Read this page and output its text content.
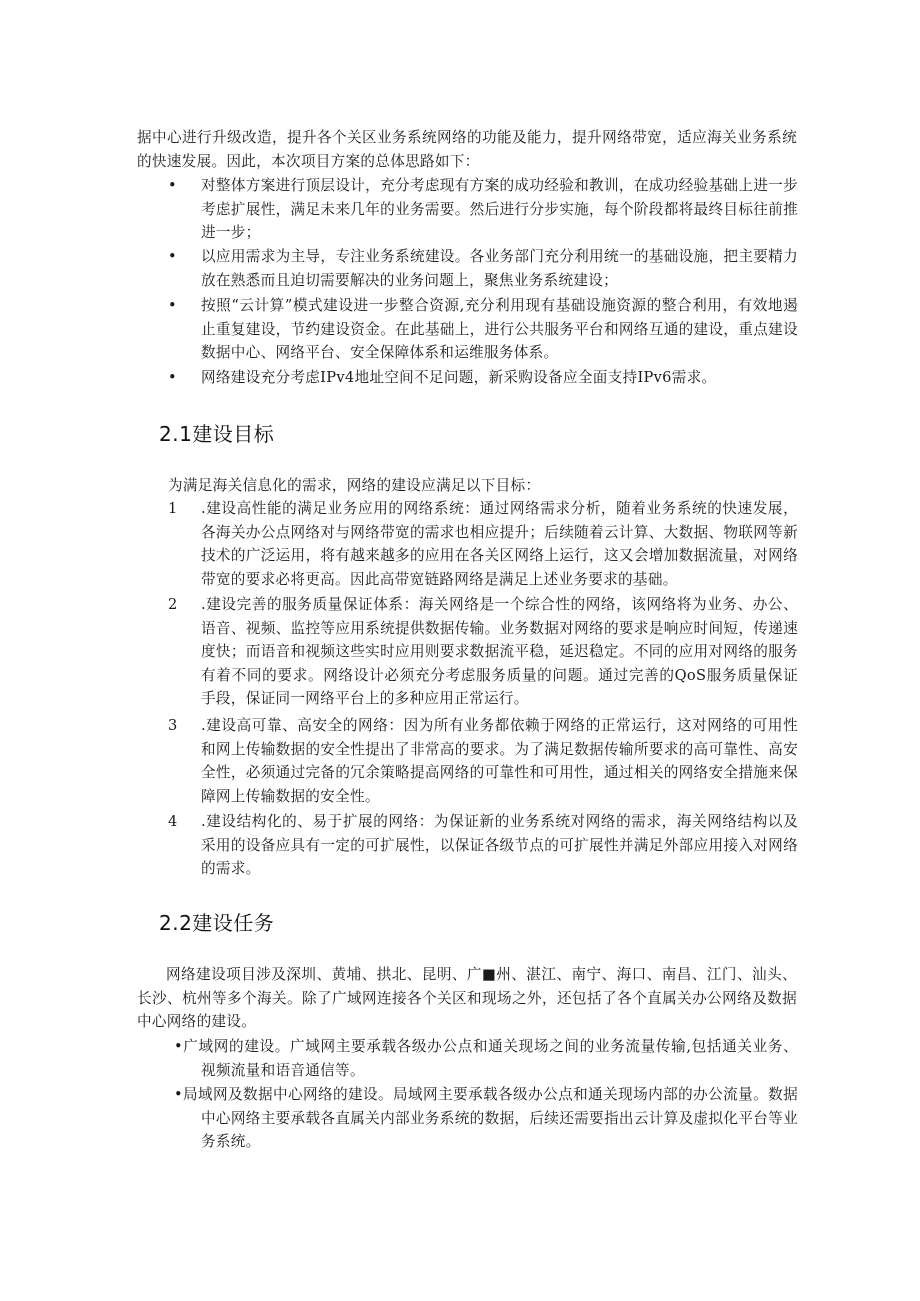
据中心进行升级改造，提升各个关区业务系统网络的功能及能力，提升网络带宽，适应海关业务系统的快速发展。因此，本次项目方案的总体思路如下：

• 对整体方案进行顶层设计，充分考虑现有方案的成功经验和教训，在成功经验基础上进一步考虑扩展性，满足未来几年的业务需要。然后进行分步实施，每个阶段都将最终目标往前推进一步；
• 以应用需求为主导，专注业务系统建设。各业务部门充分利用统一的基础设施，把主要精力放在熟悉而且迫切需要解决的业务问题上，聚焦业务系统建设；
• 按照“云计算”模式建设进一步整合资源,充分利用现有基础设施资源的整合利用，有效地遏止重复建设，节约建设资金。在此基础上，进行公共服务平台和网络互通的建设，重点建设数据中心、网络平台、安全保障体系和运维服务体系。
• 网络建设充分考虑IPv4地址空间不足问题，新采购设备应全面支持IPv6需求。
2.1建设目标

为满足海关信息化的需求，网络的建设应满足以下目标：

1	.建设高性能的满足业务应用的网络系统：通过网络需求分析，随着业务系统的快速发展，各海关办公点网络对与网络带宽的需求也相应提升；后续随着云计算、大数据、物联网等新技术的广泛运用，将有越来越多的应用在各关区网络上运行，这又会增加数据流量，对网络带宽的要求必将更高。因此高带宽链路网络是满足上述业务要求的基础。
2	.建设完善的服务质量保证体系：海关网络是一个综合性的网络，该网络将为业务、办公、语音、视频、监控等应用系统提供数据传输。业务数据对网络的要求是响应时间短，传递速度快；而语音和视频这些实时应用则要求数据流平稳，延迟稳定。不同的应用对网络的服务有着不同的要求。网络设计必须充分考虑服务质量的问题。通过完善的QoS服务质量保证手段，保证同一网络平台上的多种应用正常运行。
3	.建设高可靠、高安全的网络：因为所有业务都依赖于网络的正常运行，这对网络的可用性和网上传输数据的安全性提出了非常高的要求。为了满足数据传输所要求的高可靠性、高安全性，必须通过完备的冗余策略提高网络的可靠性和可用性，通过相关的网络安全措施来保障网上传输数据的安全性。
4	.建设结构化的、易于扩展的网络：为保证新的业务系统对网络的需求，海关网络结构以及采用的设备应具有一定的可扩展性，以保证各级节点的可扩展性并满足外部应用接入对网络的需求。
2.2建设任务

网络建设项目涉及深圳、黄埔、拱北、昆明、广■州、湛江、南宁、海口、南昌、江门、汕头、长沙、杭州等多个海关。除了广域网连接各个关区和现场之外，还包括了各个直属关办公网络及数据中心网络的建设。

•广域网的建设。广域网主要承载各级办公点和通关现场之间的业务流量传输,包括通关业务、视频流量和语音通信等。
•局域网及数据中心网络的建设。局域网主要承载各级办公点和通关现场内部的办公流量。数据中心网络主要承载各直属关内部业务系统的数据，后续还需要指出云计算及虚拟化平台等业务系统。
